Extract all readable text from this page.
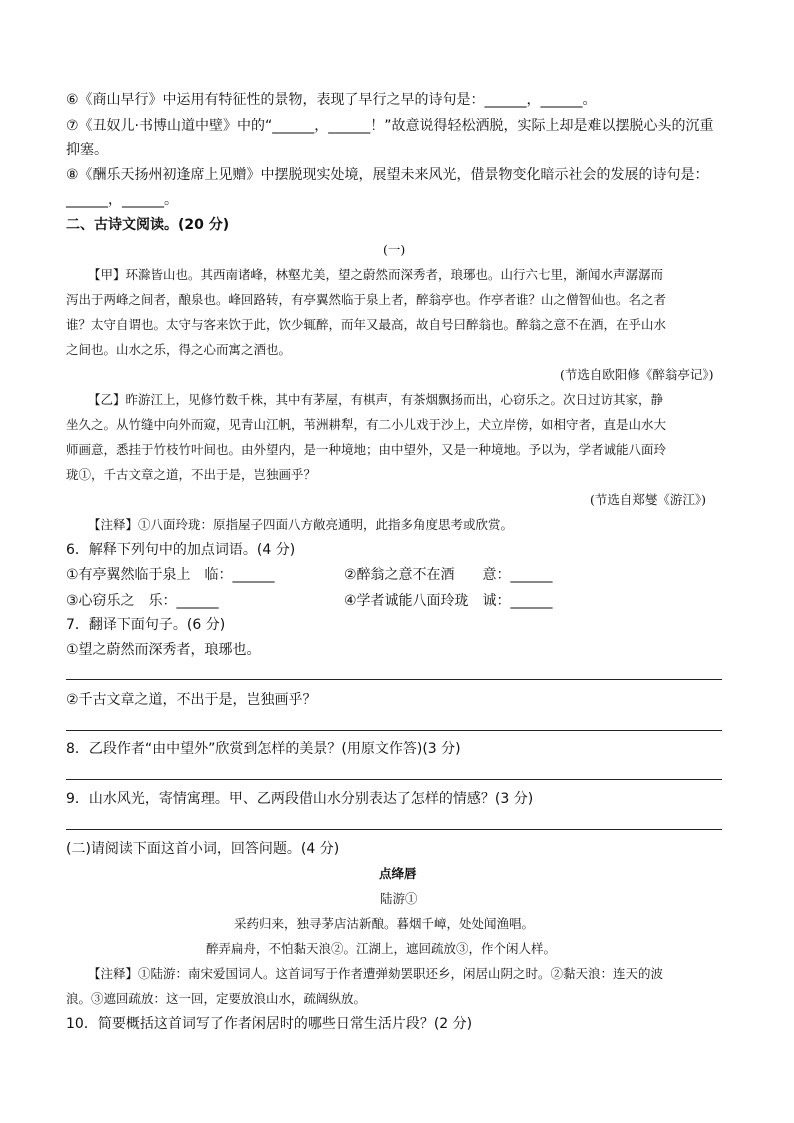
⑥《商山早行》中运用有特征性的景物，表现了早行之早的诗句是：______，______。
⑦《丑奴儿·书博山道中壁》中的“______，______！”故意说得轻松洒脱，实际上却是难以摆脱心头的沉重
抑塞。
⑧《酬乐天扬州初逢席上见赠》中摆脱现实处境，展望未来风光，借景物变化暗示社会的发展的诗句是：
______，______。
二、古诗文阅读。(20 分)
(一)
【甲】环滁皆山也。其西南诸峰，林壑尤美，望之蔚然而深秀者，琅琊也。山行六七里，渐闻水声潺潺而
泻出于两峰之间者，酿泉也。峰回路转，有亭翼然临于泉上者，醉翁亭也。作亭者谁？山之僧智仙也。名之者
谁？太守自谓也。太守与客来饮于此，饮少辄醉，而年又最高，故自号曰醉翁也。醉翁之意不在酒，在乎山水
之间也。山水之乐，得之心而寓之酒也。
(节选自欧阳修《醉翁亭记》)
【乙】昨游江上，见修竹数千株，其中有茅屋，有棋声，有茶烟飘扬而出，心窃乐之。次日过访其家，静
坐久之。从竹缝中向外而窥，见青山江帆，苇洲耕犁，有二小儿戏于沙上，犬立岸傍，如相守者，直是山水大
师画意，悉挂于竹枝竹叶间也。由外望内，是一种境地；由中望外，又是一种境地。予以为，学者诚能八面玲
珑①，千古文章之道，不出于是，岂独画乎？
(节选自郑燮《游江》)
【注释】①八面玲珑：原指屋子四面八方敞亮通明，此指多角度思考或欣赏。
6．解释下列句中的加点词语。(4 分)
①有亭翼然临于泉上　临：______	②醉翁之意不在酒　　意：______
③心窃乐之　乐：______	④学者诚能八面玲珑　诚：______
7．翻译下面句子。(6 分)
①望之蔚然而深秀者，琅琊也。
②千古文章之道，不出于是，岂独画乎？
8．乙段作者“由中望外”欣赏到怎样的美景？(用原文作答)(3 分)
9．山水风光，寄情寓理。甲、乙两段借山水分别表达了怎样的情感？(3 分)
(二)请阅读下面这首小词，回答问题。(4 分)
点绛唇
陆游①
采药归来，独寻茅店沽新酿。暮烟千嶂，处处闻渔唱。
醉弄扁舟，不怕黏天浪②。江湖上，遮回疏放③，作个闲人样。
【注释】①陆游：南宋爱国词人。这首词写于作者遭弹劾罢职还乡，闲居山阴之时。②黏天浪：连天的波
浪。③遮回疏放：这一回，定要放浪山水，疏阔纵放。
10．简要概括这首词写了作者闲居时的哪些日常生活片段？(2 分)
